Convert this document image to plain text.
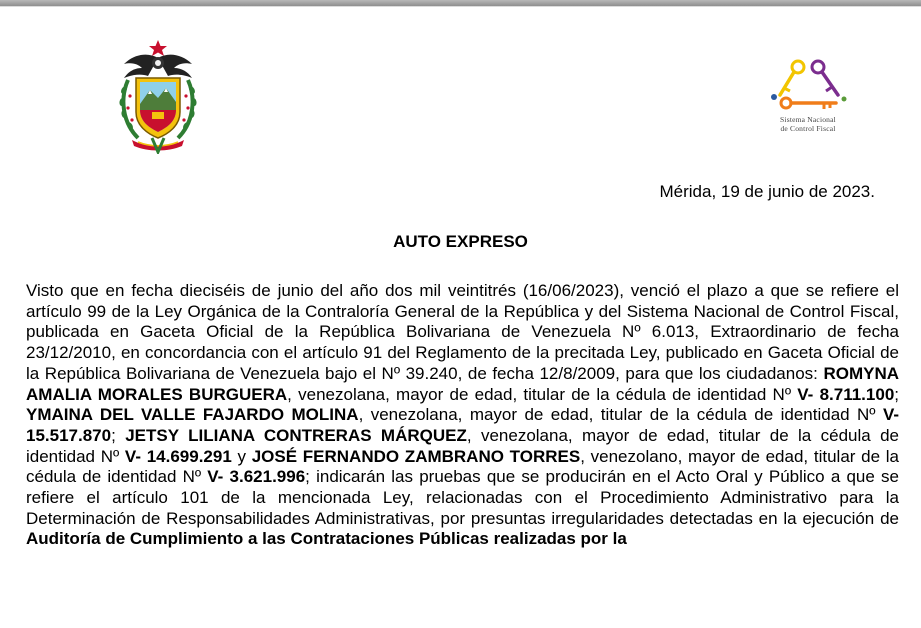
Sistema Nacional
de Control Fiscal
Mérida, 19 de junio de 2023.
AUTO EXPRESO
Visto que en fecha dieciséis de junio del año dos mil veintitrés (16/06/2023), venció el plazo a que se refiere el artículo 99 de la Ley Orgánica de la Contraloría General de la República y del Sistema Nacional de Control Fiscal, publicada en Gaceta Oficial de la República Bolivariana de Venezuela Nº 6.013, Extraordinario de fecha 23/12/2010, en concordancia con el artículo 91 del Reglamento de la precitada Ley, publicado en Gaceta Oficial de la República Bolivariana de Venezuela bajo el Nº 39.240, de fecha 12/8/2009, para que los ciudadanos: ROMYNA AMALIA MORALES BURGUERA, venezolana, mayor de edad, titular de la cédula de identidad Nº V- 8.711.100; YMAINA DEL VALLE FAJARDO MOLINA, venezolana, mayor de edad, titular de la cédula de identidad Nº V- 15.517.870; JETSY LILIANA CONTRERAS MÁRQUEZ, venezolana, mayor de edad, titular de la cédula de identidad Nº V- 14.699.291 y JOSÉ FERNANDO ZAMBRANO TORRES, venezolano, mayor de edad, titular de la cédula de identidad Nº V- 3.621.996; indicarán las pruebas que se producirán en el Acto Oral y Público a que se refiere el artículo 101 de la mencionada Ley, relacionadas con el Procedimiento Administrativo para la Determinación de Responsabilidades Administrativas, por presuntas irregularidades detectadas en la ejecución de Auditoría de Cumplimiento a las Contrataciones Públicas realizadas por la
